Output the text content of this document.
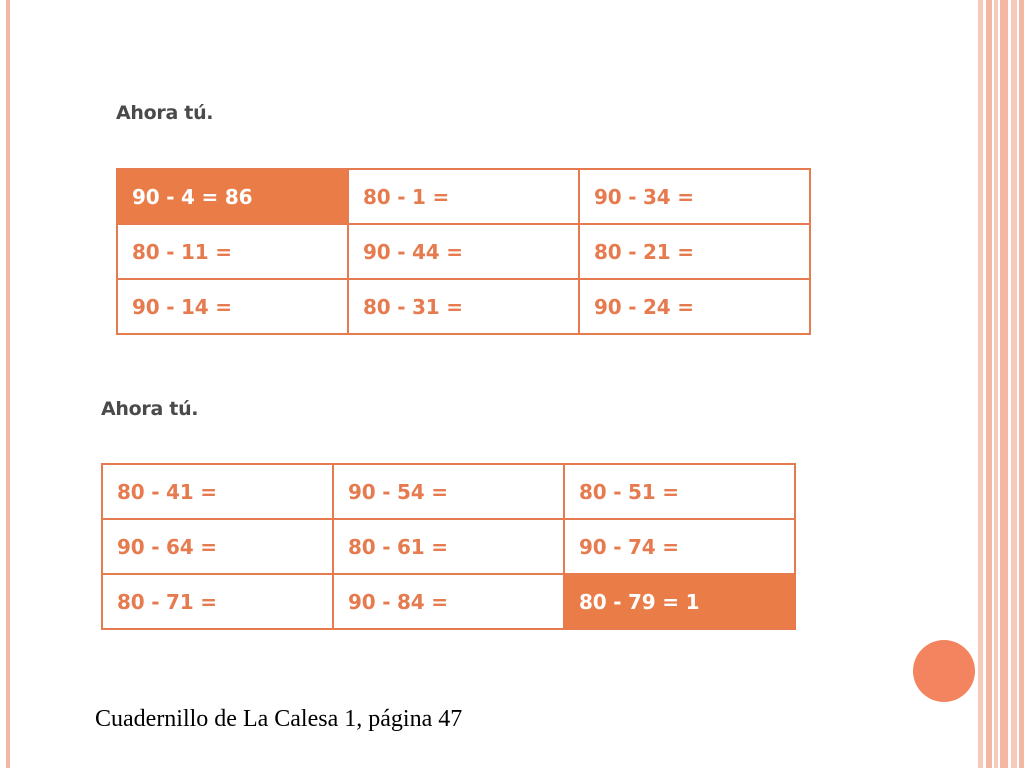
Ahora tú.
90 - 4 = 86	80 - 1 =	90 - 34 =
80 - 11 =	90 - 44 =	80 - 21 =
90 - 14 =	80 - 31 =	90 - 24 =
Ahora tú.
80 - 41 =	90 - 54 =	80 - 51 =
90 - 64 =	80 - 61 =	90 - 74 =
80 - 71 =	90 - 84 =	80 - 79 = 1
Cuadernillo de La Calesa 1, página 47
